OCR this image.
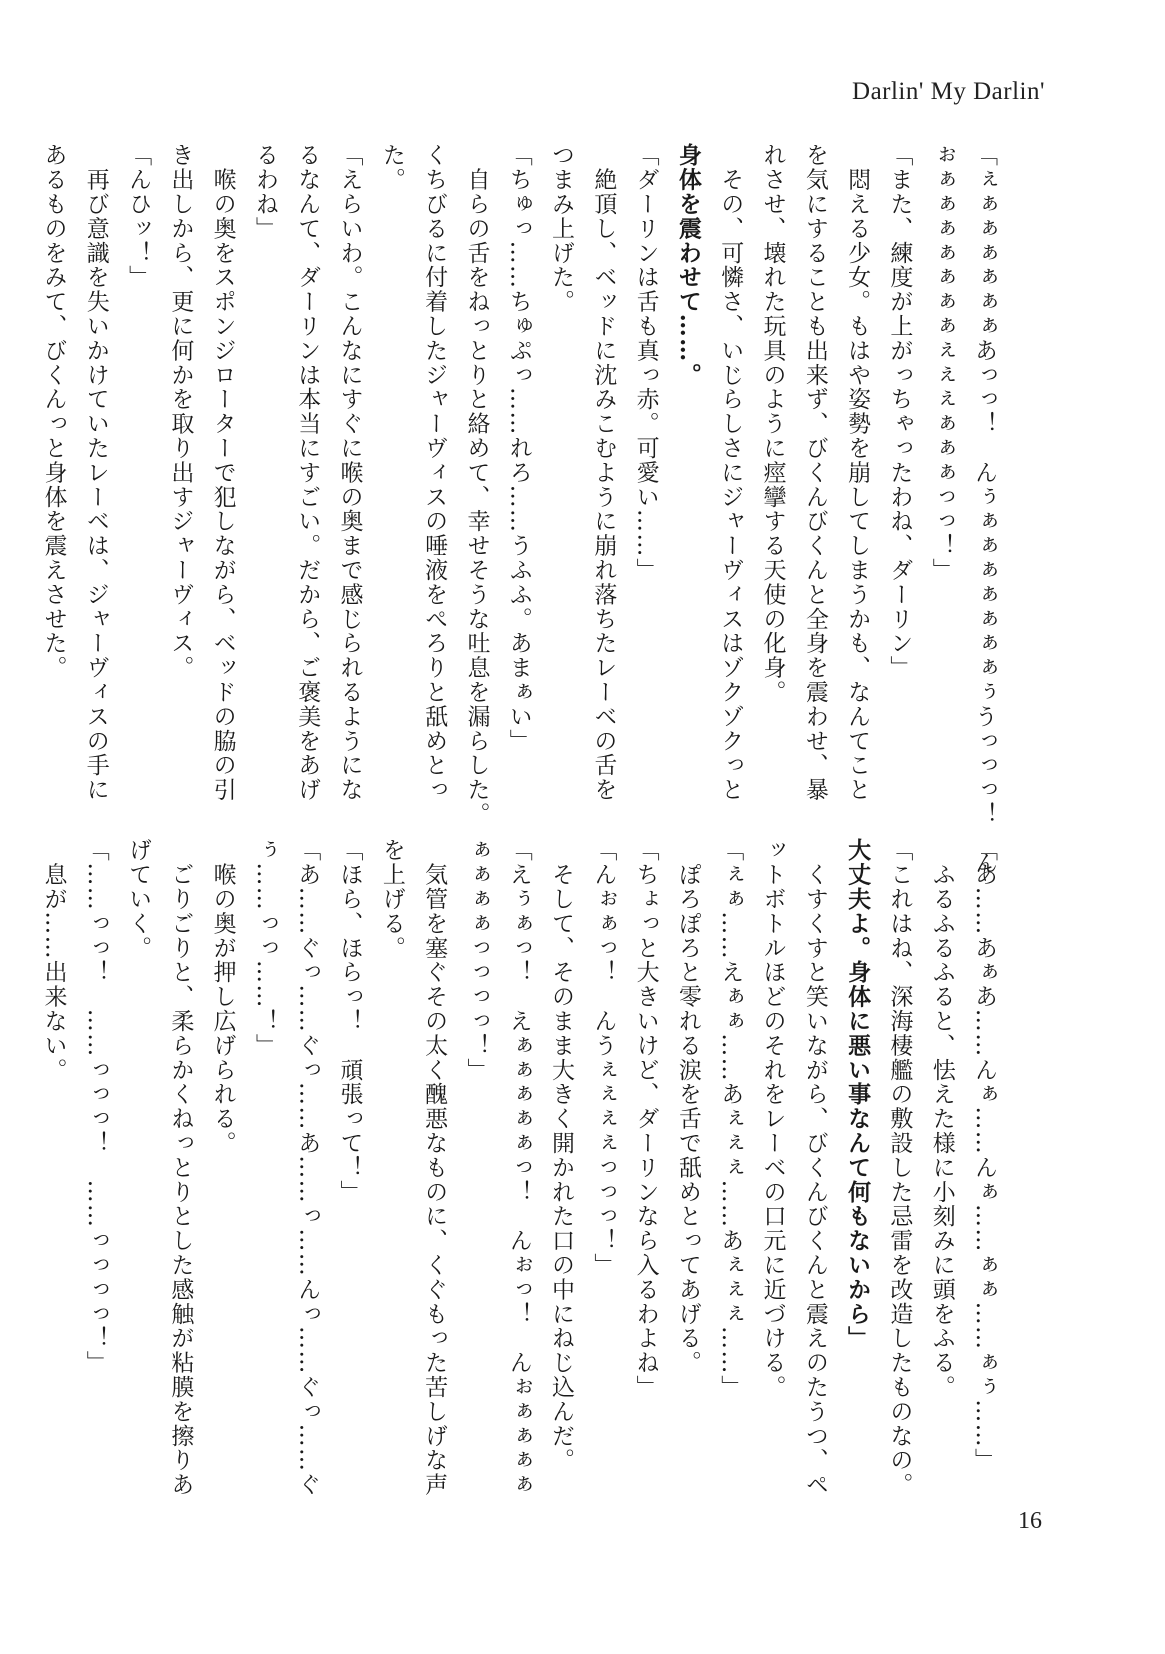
Darlin' My Darlin'
「ぇぁぁぁぁぁぁあっっ！　んぅぁぁぁぁぁぁぁぅうっっっ！　ん
ぉぁぁぁぁぁぁぁぇぇぇぁぁぁっっ！」
「また、練度が上がっちゃったわね、ダーリン」
　悶える少女。もはや姿勢を崩してしまうかも、なんてこと
を気にすることも出来ず、びくんびくんと全身を震わせ、暴
れさせ、壊れた玩具のように痙攣する天使の化身。
　その、可憐さ、いじらしさにジャーヴィスはゾクゾクっと
身体を震わせて……。
「ダーリンは舌も真っ赤。可愛い……」
　絶頂し、ベッドに沈みこむように崩れ落ちたレーベの舌を
つまみ上げた。
「ちゅっ……ちゅぷっ……れろ……うふふ。あまぁい」
　自らの舌をねっとりと絡めて、幸せそうな吐息を漏らした。
くちびるに付着したジャーヴィスの唾液をぺろりと舐めとっ
た。
「えらいわ。こんなにすぐに喉の奥まで感じられるようにな
るなんて、ダーリンは本当にすごい。だから、ご褒美をあげ
るわね」
　喉の奥をスポンジローターで犯しながら、ベッドの脇の引
き出しから、更に何かを取り出すジャーヴィス。
「んひッ！」
　再び意識を失いかけていたレーベは、ジャーヴィスの手に
あるものをみて、びくんっと身体を震えさせた。
「あ……あぁあ……んぁ……んぁ……ぁぁ……ぁぅ……」
　ふるふるふると、怯えた様に小刻みに頭をふる。
「これはね、深海棲艦の敷設した忌雷を改造したものなの。
大丈夫よ。身体に悪い事なんて何もないから」
　くすくすと笑いながら、びくんびくんと震えのたうつ、ペ
ットボトルほどのそれをレーベの口元に近づける。
「ぇぁ……えぁぁ……あぇぇぇ……あぇぇぇ……」
　ぽろぽろと零れる涙を舌で舐めとってあげる。
「ちょっと大きいけど、ダーリンなら入るわよね」
「んぉぁっ！　んうぇぇぇぇっっっ！」
　そして、そのまま大きく開かれた口の中にねじ込んだ。
「えぅぁっ！　えぁぁぁぁぁっ！　んぉっ！　んぉぁぁぁぁ
ぁぁぁぁっっっっ！」
　気管を塞ぐその太く醜悪なものに、くぐもった苦しげな声
を上げる。
「ほら、ほらっ！　頑張って！」
「あ……ぐっ……ぐっ……あ……っ……んっ……ぐっ……ぐ
ぅ……っっ……！」
　喉の奥が押し広げられる。
　ごりごりと、柔らかくねっとりとした感触が粘膜を擦りあ
げていく。
「……っっ！　……っっっ！　……っっっっ！」
　息が……出来ない。
16
